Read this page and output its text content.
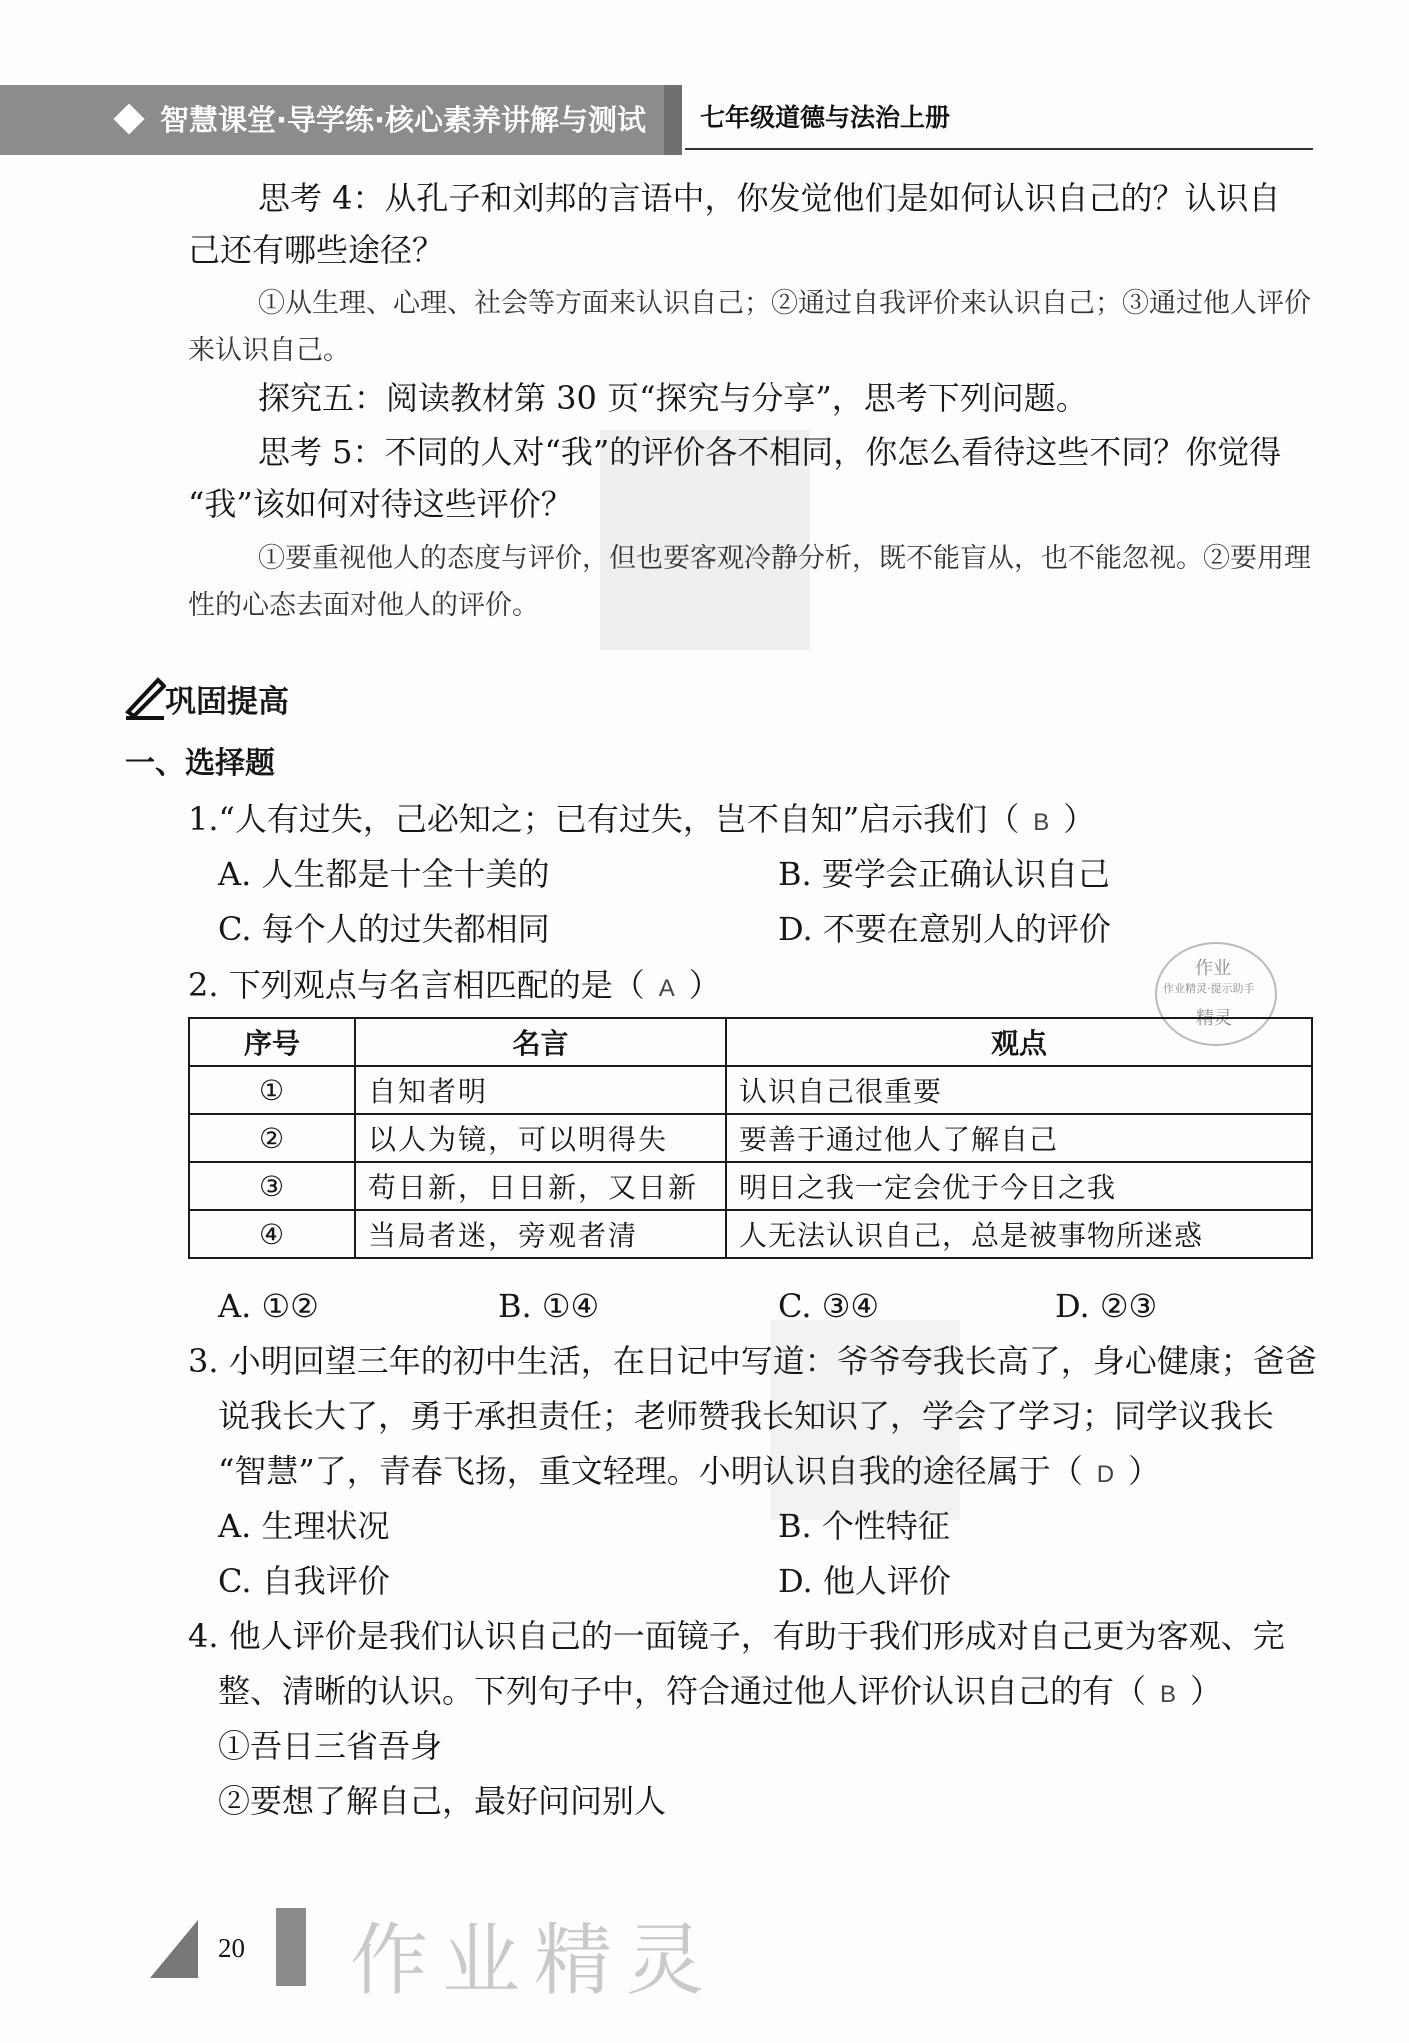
智慧课堂·导学练·核心素养讲解与测试 七年级道德与法治上册
思考 4：从孔子和刘邦的言语中，你发觉他们是如何认识自己的？认识自
己还有哪些途径？
①从生理、心理、社会等方面来认识自己；②通过自我评价来认识自己；③通过他人评价
来认识自己。
探究五：阅读教材第 30 页“探究与分享”，思考下列问题。
思考 5：不同的人对“我”的评价各不相同，你怎么看待这些不同？你觉得
“我”该如何对待这些评价？
①要重视他人的态度与评价，但也要客观冷静分析，既不能盲从，也不能忽视。②要用理
性的心态去面对他人的评价。
巩固提高
一、选择题
1.“人有过失，己必知之；已有过失，岂不自知”启示我们（ B ）
A. 人生都是十全十美的	B. 要学会正确认识自己
C. 每个人的过失都相同	D. 不要在意别人的评价
2. 下列观点与名言相匹配的是（ A ）	作业
作业精灵·提示助手
精灵
序号	名言	观点
①	自知者明	认识自己很重要
②	以人为镜，可以明得失	要善于通过他人了解自己
③	苟日新，日日新，又日新	明日之我一定会优于今日之我
④	当局者迷，旁观者清	人无法认识自己，总是被事物所迷惑
A. ①②	B. ①④	C. ③④	D. ②③
3. 小明回望三年的初中生活，在日记中写道：爷爷夸我长高了，身心健康；爸爸
说我长大了，勇于承担责任；老师赞我长知识了，学会了学习；同学议我长
“智慧”了，青春飞扬，重文轻理。小明认识自我的途径属于（ D ）
A. 生理状况	B. 个性特征
C. 自我评价	D. 他人评价
4. 他人评价是我们认识自己的一面镜子，有助于我们形成对自己更为客观、完
整、清晰的认识。下列句子中，符合通过他人评价认识自己的有（ B ）
①吾日三省吾身
②要想了解自己，最好问问别人
20 作业精灵
